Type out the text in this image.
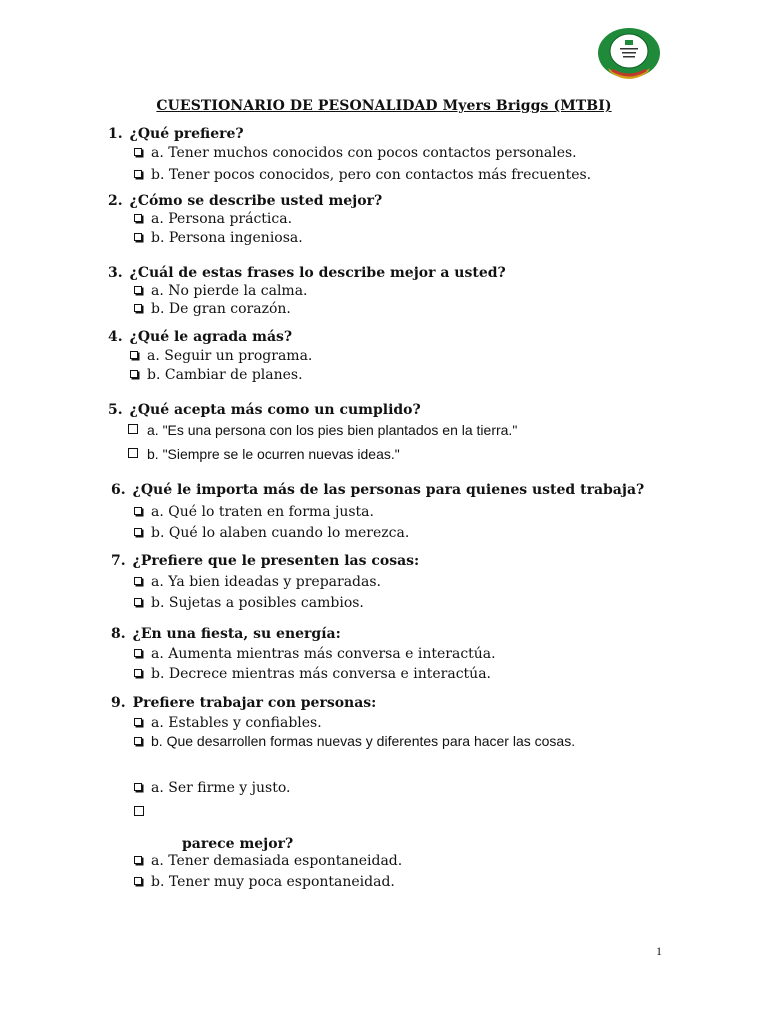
CUESTIONARIO DE PESONALIDAD Myers Briggs (MTBI)
1. ¿Qué prefiere?
a. Tener muchos conocidos con pocos contactos personales.
b. Tener pocos conocidos, pero con contactos más frecuentes.
2. ¿Cómo se describe usted mejor?
a. Persona práctica.
b. Persona ingeniosa.
3. ¿Cuál de estas frases lo describe mejor a usted?
a. No pierde la calma.
b. De gran corazón.
4. ¿Qué le agrada más?
a. Seguir un programa.
b. Cambiar de planes.
5. ¿Qué acepta más como un cumplido?
a. "Es una persona con los pies bien plantados en la tierra."
b. "Siempre se le ocurren nuevas ideas."
6. ¿Qué le importa más de las personas para quienes usted trabaja?
a. Qué lo traten en forma justa.
b. Qué lo alaben cuando lo merezca.
7. ¿Prefiere que le presenten las cosas:
a. Ya bien ideadas y preparadas.
b. Sujetas a posibles cambios.
8. ¿En una fiesta, su energía:
a. Aumenta mientras más conversa e interactúa.
b. Decrece mientras más conversa e interactúa.
9. Prefiere trabajar con personas:
a. Estables y confiables.
b. Que desarrollen formas nuevas y diferentes para hacer las cosas.
a. Ser firme y justo.
parece mejor?
a. Tener demasiada espontaneidad.
b. Tener muy poca espontaneidad.
1
